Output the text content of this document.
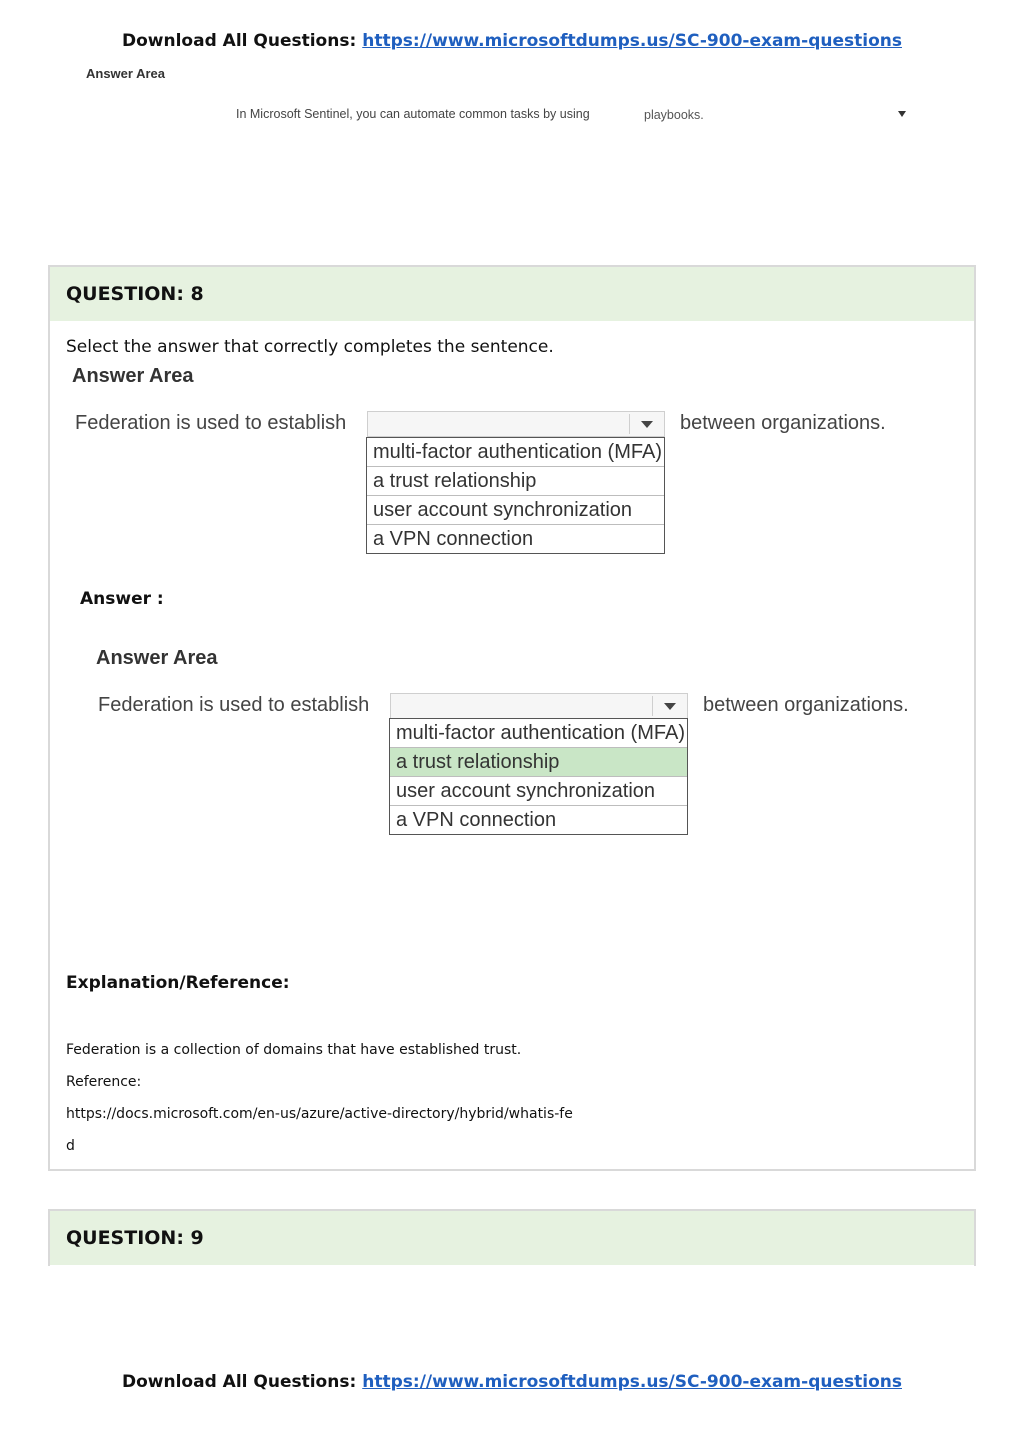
Download All Questions: https://www.microsoftdumps.us/SC-900-exam-questions
Answer Area
In Microsoft Sentinel, you can automate common tasks by using	playbooks.
QUESTION: 8
Select the answer that correctly completes the sentence.
Answer Area
Federation is used to establish	between organizations.
multi-factor authentication (MFA)
a trust relationship
user account synchronization
a VPN connection
Answer :
Answer Area
Federation is used to establish	between organizations.
multi-factor authentication (MFA)
a trust relationship
user account synchronization
a VPN connection
Explanation/Reference:
Federation is a collection of domains that have established trust.
Reference:
https://docs.microsoft.com/en-us/azure/active-directory/hybrid/whatis-fe
d
QUESTION: 9
Download All Questions: https://www.microsoftdumps.us/SC-900-exam-questions
